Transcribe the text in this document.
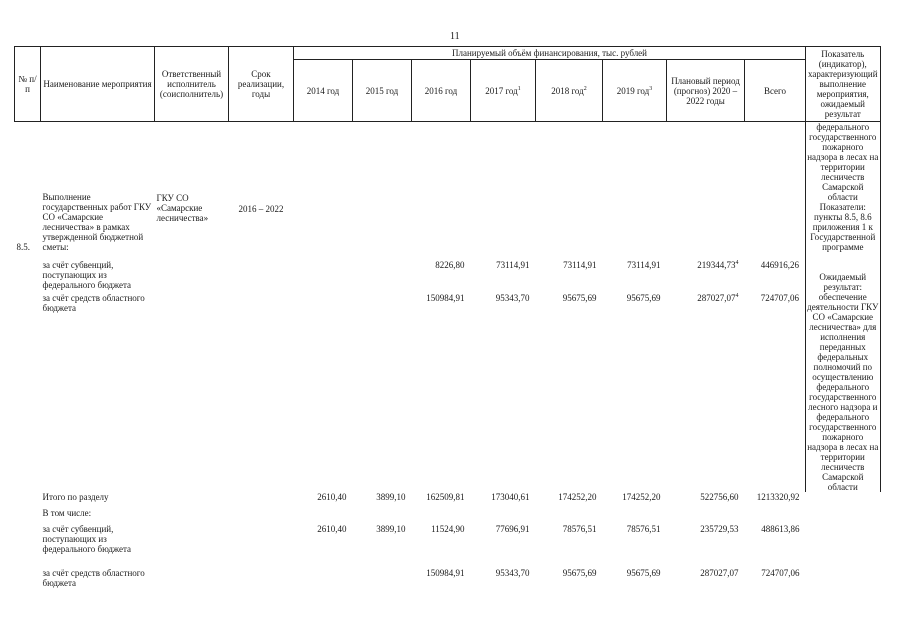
11
№ п/п	Наименование мероприятия	Ответственный исполнитель (соисполнитель)	Срок реализации, годы	Планируемый объём финансирования, тыс. рублей								Показатель (индикатор), характеризующий выполнение мероприятия, ожидаемый результат
				2014 год	2015 год	2016 год	2017 год$^1$	2018 год$^2$	2019 год$^3$	Плановый период (прогноз) 2020 – 2022 годы	Всего	
8.5.	Выполнение государственных работ ГКУ СО «Самарские лесничества» в рамках утвержденной бюджетной сметы:	ГКУ СО «Самарские лесничества»	2016 – 2022									федерального государственного пожарного надзора в лесах на территории лесничеств Самарской области Показатели: пункты 8.5, 8.6 приложения 1 к Государственной программе
	за счёт субвенций, поступающих из федерального бюджета					8226,80	73114,91	73114,91	73114,91	219344,73$^4$	446916,26	Ожидаемый результат: обеспечение деятельности ГКУ СО «Самарские лесничества» для исполнения переданных федеральных полномочий по осуществлению федерального государственного лесного надзора и федерального государственного пожарного надзора в лесах на территории лесничеств Самарской области
	за счёт средств областного бюджета					150984,91	95343,70	95675,69	95675,69	287027,07$^4$	724707,06	
	Итого по разделу			2610,40	3899,10	162509,81	173040,61	174252,20	174252,20	522756,60	1213320,92	
	В том числе:											
	за счёт субвенций, поступающих из федерального бюджета			2610,40	3899,10	11524,90	77696,91	78576,51	78576,51	235729,53	488613,86	
	за счёт средств областного бюджета					150984,91	95343,70	95675,69	95675,69	287027,07	724707,06	
